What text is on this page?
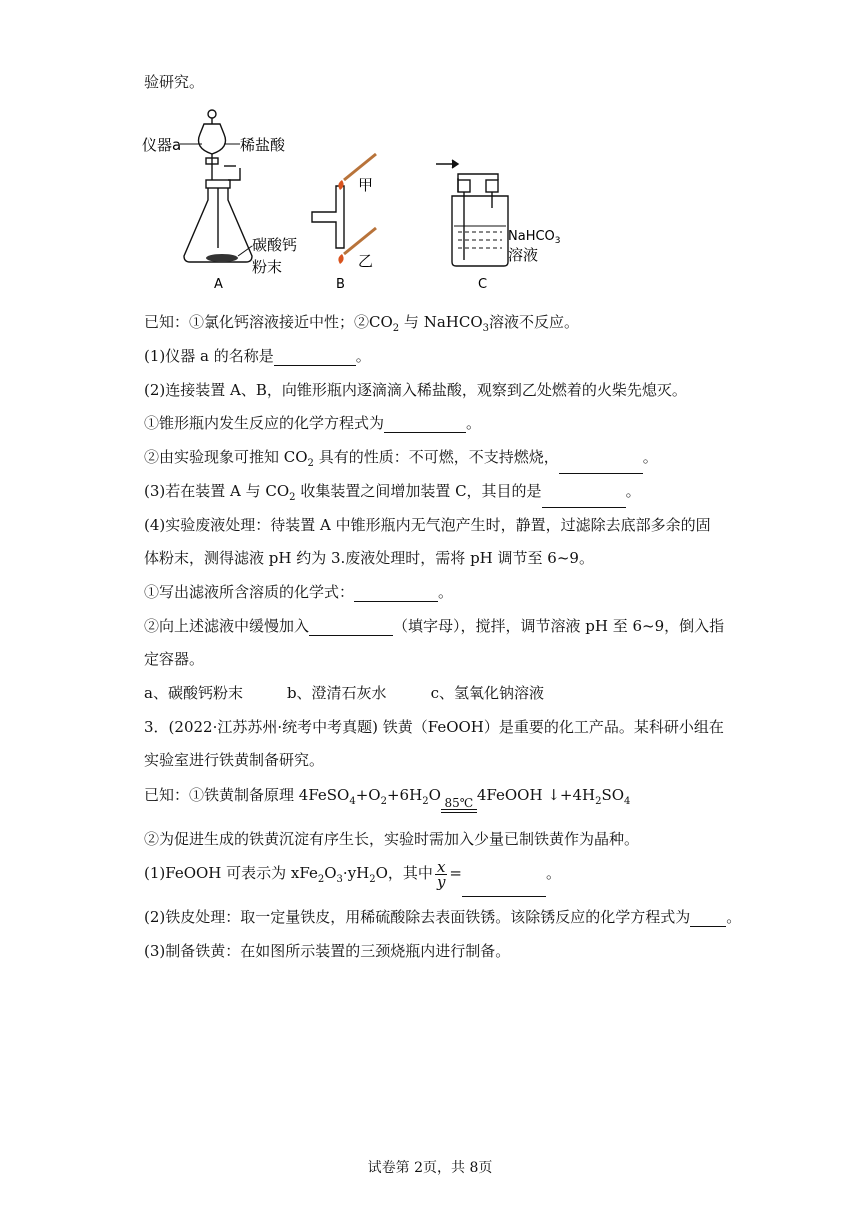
验研究。
仪器a	稀盐酸
碳酸钙
粉末
A
甲
乙
B
NaHCO$_3$
溶液
C
已知：①氯化钙溶液接近中性；$②CO_2$ 与 NaHCO$_3$溶液不反应。
(1)仪器 a 的名称是	。
(2)连接装置 A、B，向锥形瓶内逐滴滴入稀盐酸，观察到乙处燃着的火柴先熄灭。
①锥形瓶内发生反应的化学方程式为	。
②由实验现象可推知 $CO_2$ 具有的性质：不可燃，不支持燃烧，	。
(3)若在装置 A 与 $CO_2$ 收集装置之间增加装置 C，其目的是	。
(4)实验废液处理：待装置 A 中锥形瓶内无气泡产生时，静置，过滤除去底部多余的固
体粉末，测得滤液 pH 约为 3.废液处理时，需将 pH 调节至 6~9。
①写出滤液所含溶质的化学式：	。
②向上述滤液中缓慢加入	（填字母），搅拌，调节溶液 pH 至 6~9，倒入指
定容器。
a、碳酸钙粉末	b、澄清石灰水	c、氢氧化钠溶液
3．(2022·江苏苏州·统考中考真题) 铁黄（FeOOH）是重要的化工产品。某科研小组在
实验室进行铁黄制备研究。
已知：①铁黄制备原理 $4FeSO_4+O_2+6H_2O$ 85℃ 4FeOOH $↓+4H_2SO_4$
②为促进生成的铁黄沉淀有序生长，实验时需加入少量已制铁黄作为晶种。
(1)FeOOH 可表示为 $xFe_2O_3\cdot yH_2O$，其中 $\frac{x}{y}$ =	。
(2)铁皮处理：取一定量铁皮，用稀硫酸除去表面铁锈。该除锈反应的化学方程式为 。
(3)制备铁黄：在如图所示装置的三颈烧瓶内进行制备。
试卷第 2页，共 8页
